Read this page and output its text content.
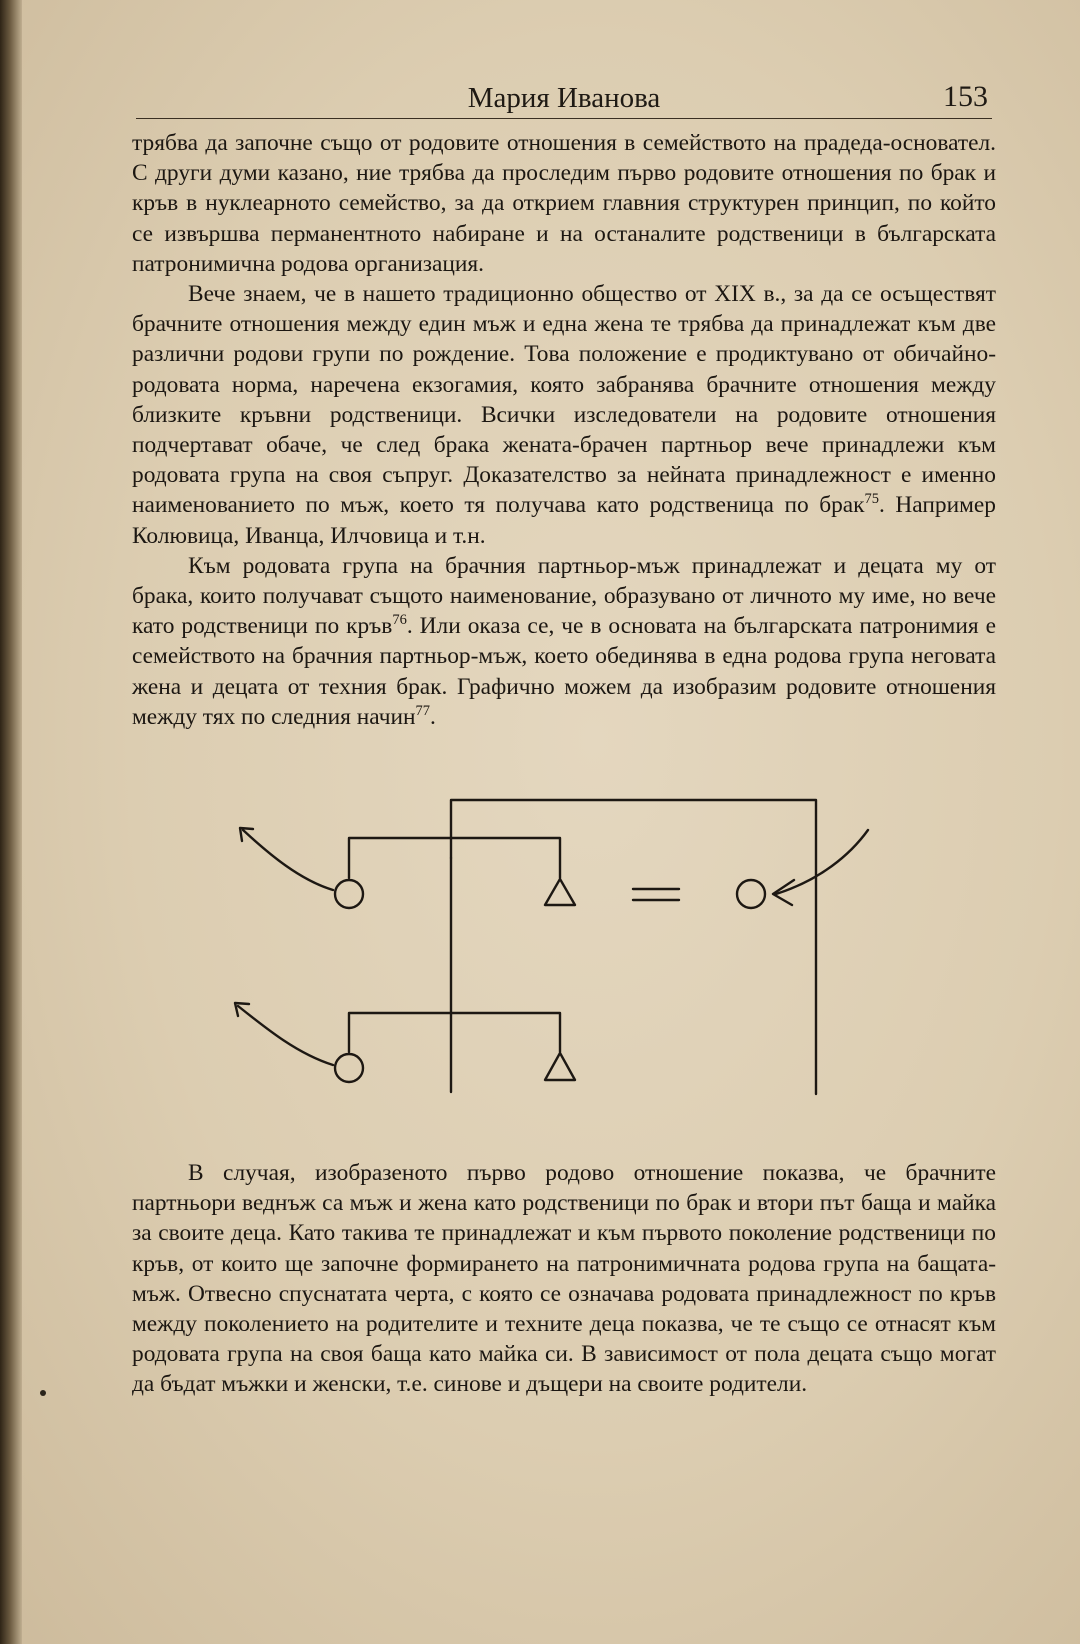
Мария Иванова	153

трябва да започне също от родовите отношения в семейството на прадеда-основател. С други думи казано, ние трябва да проследим първо родовите отношения по брак и кръв в нуклеарното семейство, за да открием главния структурен принцип, по който се извършва перманентното набиране и на останалите родственици в българската патронимична родова организация.

Вече знаем, че в нашето традиционно общество от XIX в., за да се осъществят брачните отношения между един мъж и една жена те трябва да принадлежат към две различни родови групи по рождение. Това положение е продиктувано от обичайно-родовата норма, наречена екзогамия, която забранява брачните отношения между близките кръвни родственици. Всички изследователи на родовите отношения подчертават обаче, че след брака жената-брачен партньор вече принадлежи към родовата група на своя съпруг. Доказателство за нейната принадлежност е именно наименованието по мъж, което тя получава като родственица по брак$^{75}$. Например Колювица, Иванца, Илчовица и т.н.

Към родовата група на брачния партньор-мъж принадлежат и децата му от брака, които получават същото наименование, образувано от личното му име, но вече като родственици по кръв$^{76}$. Или оказа се, че в основата на българската патронимия е семейството на брачния партньор-мъж, което обединява в една родова група неговата жена и децата от техния брак. Графично можем да изобразим родовите отношения между тях по следния начин$^{77}$.

В случая, изобразеното първо родово отношение показва, че брачните партньори веднъж са мъж и жена като родственици по брак и втори път баща и майка за своите деца. Като такива те принадлежат и към първото поколение родственици по кръв, от които ще започне формирането на патронимичната родова група на бащата-мъж. Отвесно спуснатата черта, с която се означава родовата принадлежност по кръв между поколението на родителите и техните деца показва, че те също се отнасят към родовата група на своя баща като майка си. В зависимост от пола децата също могат да бъдат мъжки и женски, т.е. синове и дъщери на своите родители.
